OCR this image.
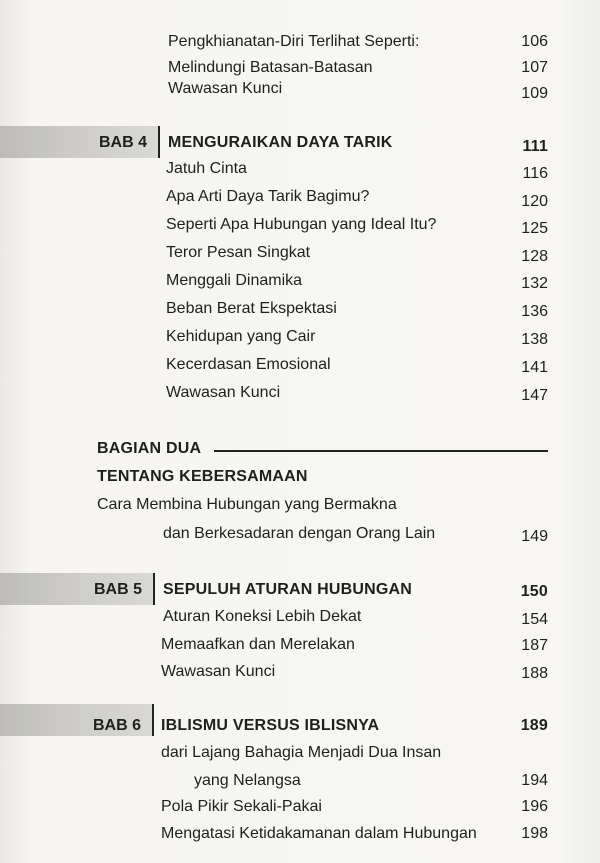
Pengkhianatan-Diri Terlihat Seperti:	106
Melindungi Batasan-Batasan	107
Wawasan Kunci	109
BAB 4 MENGURAIKAN DAYA TARIK	111
Jatuh Cinta	116
Apa Arti Daya Tarik Bagimu?	120
Seperti Apa Hubungan yang Ideal Itu?	125
Teror Pesan Singkat	128
Menggali Dinamika	132
Beban Berat Ekspektasi	136
Kehidupan yang Cair	138
Kecerdasan Emosional	141
Wawasan Kunci	147
BAGIAN DUA
TENTANG KEBERSAMAAN
Cara Membina Hubungan yang Bermakna
dan Berkesadaran dengan Orang Lain	149
BAB 5 SEPULUH ATURAN HUBUNGAN	150
Aturan Koneksi Lebih Dekat	154
Memaafkan dan Merelakan	187
Wawasan Kunci	188
BAB 6 IBLISMU VERSUS IBLISNYA	189
dari Lajang Bahagia Menjadi Dua Insan
yang Nelangsa	194
Pola Pikir Sekali-Pakai	196
Mengatasi Ketidakamanan dalam Hubungan	198
